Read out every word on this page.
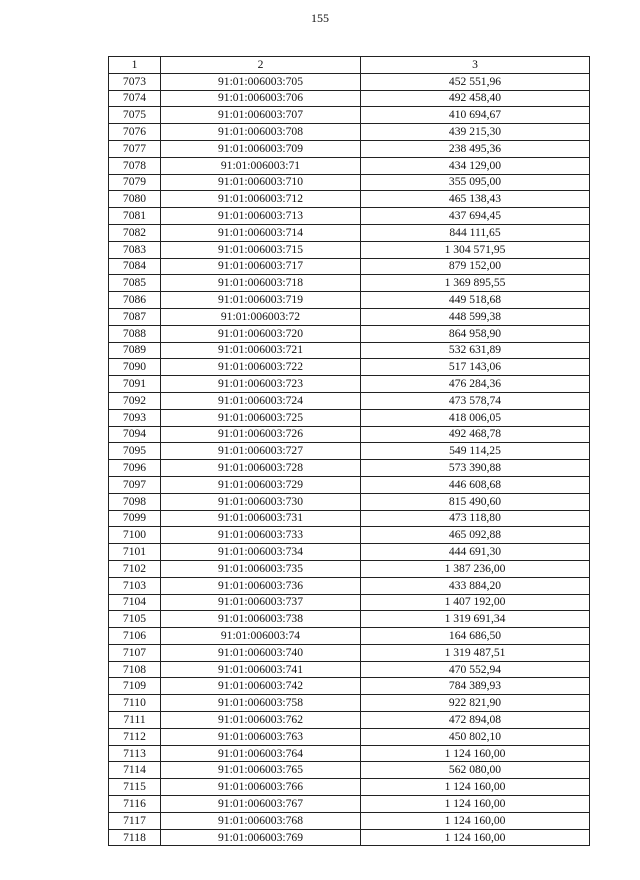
155
1	2	3
7073	91:01:006003:705	452 551,96
7074	91:01:006003:706	492 458,40
7075	91:01:006003:707	410 694,67
7076	91:01:006003:708	439 215,30
7077	91:01:006003:709	238 495,36
7078	91:01:006003:71	434 129,00
7079	91:01:006003:710	355 095,00
7080	91:01:006003:712	465 138,43
7081	91:01:006003:713	437 694,45
7082	91:01:006003:714	844 111,65
7083	91:01:006003:715	1 304 571,95
7084	91:01:006003:717	879 152,00
7085	91:01:006003:718	1 369 895,55
7086	91:01:006003:719	449 518,68
7087	91:01:006003:72	448 599,38
7088	91:01:006003:720	864 958,90
7089	91:01:006003:721	532 631,89
7090	91:01:006003:722	517 143,06
7091	91:01:006003:723	476 284,36
7092	91:01:006003:724	473 578,74
7093	91:01:006003:725	418 006,05
7094	91:01:006003:726	492 468,78
7095	91:01:006003:727	549 114,25
7096	91:01:006003:728	573 390,88
7097	91:01:006003:729	446 608,68
7098	91:01:006003:730	815 490,60
7099	91:01:006003:731	473 118,80
7100	91:01:006003:733	465 092,88
7101	91:01:006003:734	444 691,30
7102	91:01:006003:735	1 387 236,00
7103	91:01:006003:736	433 884,20
7104	91:01:006003:737	1 407 192,00
7105	91:01:006003:738	1 319 691,34
7106	91:01:006003:74	164 686,50
7107	91:01:006003:740	1 319 487,51
7108	91:01:006003:741	470 552,94
7109	91:01:006003:742	784 389,93
7110	91:01:006003:758	922 821,90
7111	91:01:006003:762	472 894,08
7112	91:01:006003:763	450 802,10
7113	91:01:006003:764	1 124 160,00
7114	91:01:006003:765	562 080,00
7115	91:01:006003:766	1 124 160,00
7116	91:01:006003:767	1 124 160,00
7117	91:01:006003:768	1 124 160,00
7118	91:01:006003:769	1 124 160,00
